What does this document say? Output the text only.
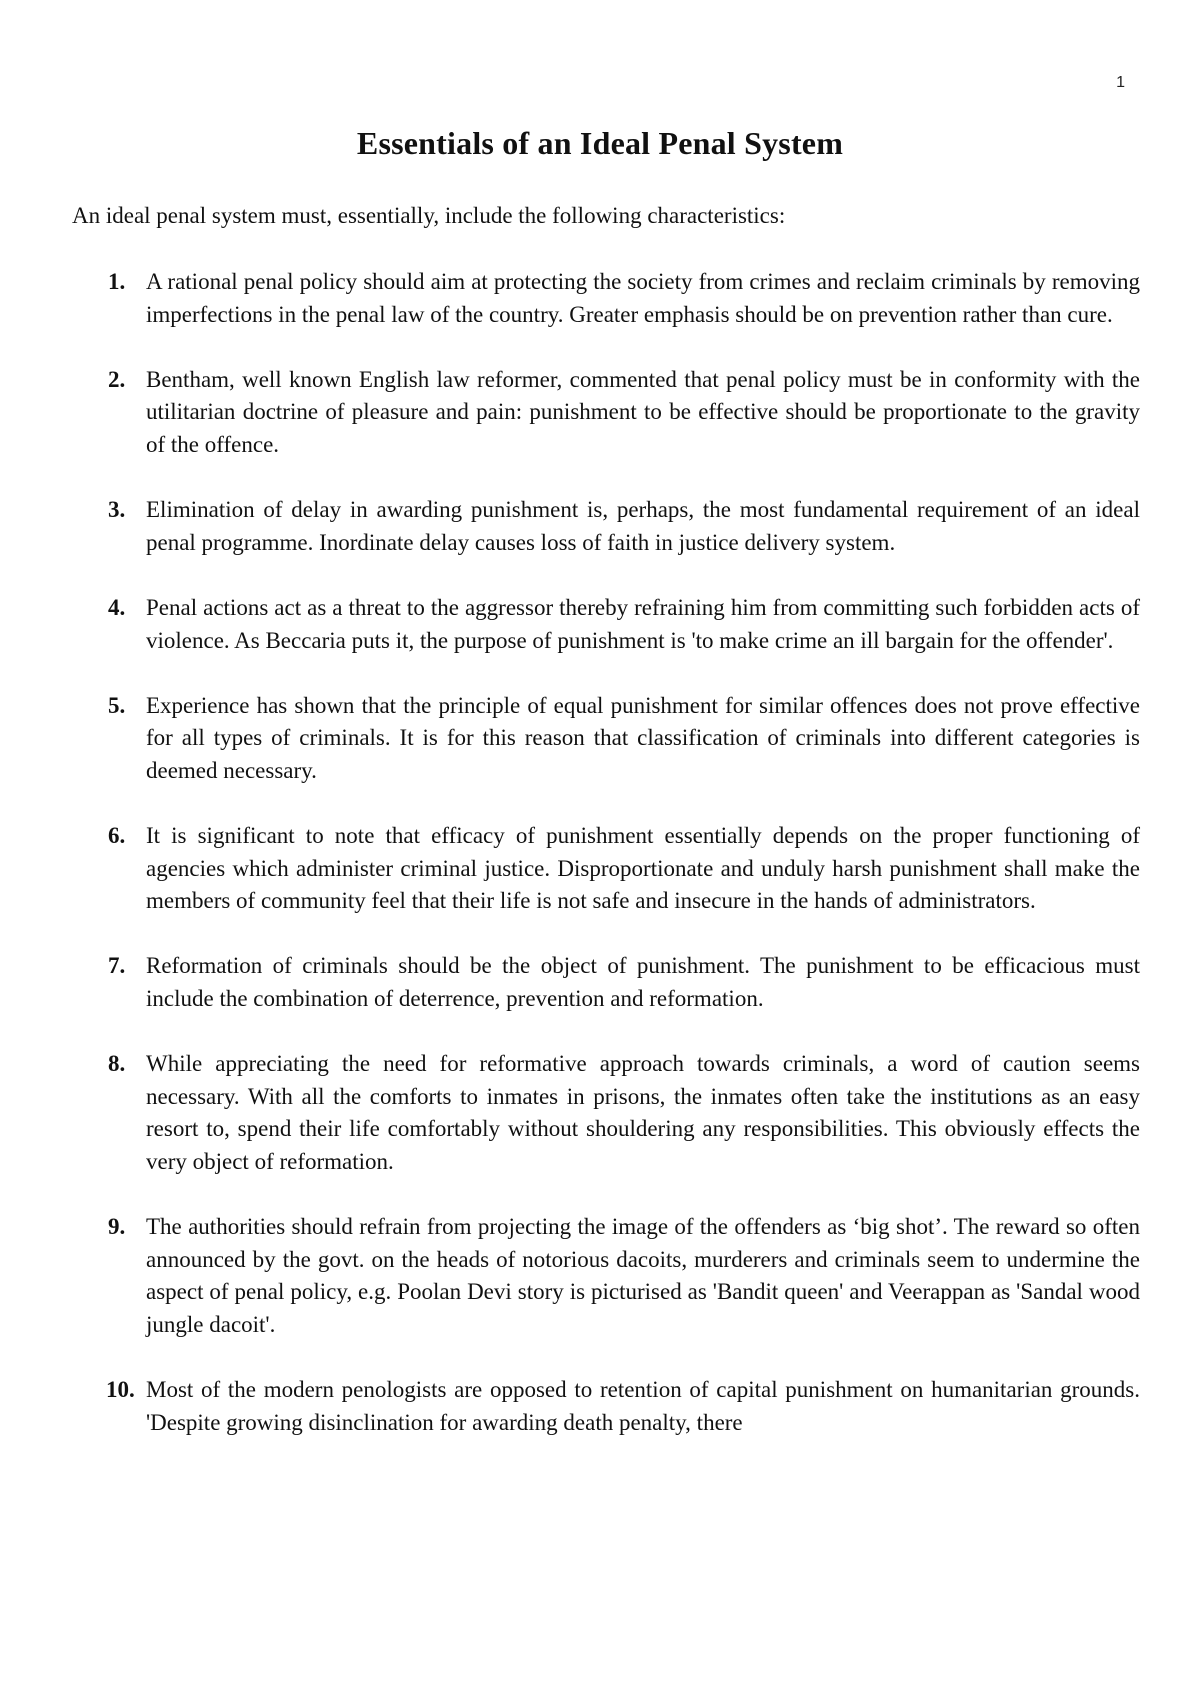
1
Essentials of an Ideal Penal System

An ideal penal system must, essentially, include the following characteristics:

1. A rational penal policy should aim at protecting the society from crimes and reclaim criminals by removing imperfections in the penal law of the country. Greater emphasis should be on prevention rather than cure.
2. Bentham, well known English law reformer, commented that penal policy must be in conformity with the utilitarian doctrine of pleasure and pain: punishment to be effective should be proportionate to the gravity of the offence.
3. Elimination of delay in awarding punishment is, perhaps, the most fundamental requirement of an ideal penal programme. Inordinate delay causes loss of faith in justice delivery system.
4. Penal actions act as a threat to the aggressor thereby refraining him from committing such forbidden acts of violence. As Beccaria puts it, the purpose of punishment is 'to make crime an ill bargain for the offender'.
5. Experience has shown that the principle of equal punishment for similar offences does not prove effective for all types of criminals. It is for this reason that classification of criminals into different categories is deemed necessary.
6. It is significant to note that efficacy of punishment essentially depends on the proper functioning of agencies which administer criminal justice. Disproportionate and unduly harsh punishment shall make the members of community feel that their life is not safe and insecure in the hands of administrators.
7. Reformation of criminals should be the object of punishment. The punishment to be efficacious must include the combination of deterrence, prevention and reformation.
8. While appreciating the need for reformative approach towards criminals, a word of caution seems necessary. With all the comforts to inmates in prisons, the inmates often take the institutions as an easy resort to, spend their life comfortably without shouldering any responsibilities. This obviously effects the very object of reformation.
9. The authorities should refrain from projecting the image of the offenders as ‘big shot’. The reward so often announced by the govt. on the heads of notorious dacoits, murderers and criminals seem to undermine the aspect of penal policy, e.g. Poolan Devi story is picturised as 'Bandit queen' and Veerappan as 'Sandal wood jungle dacoit'.
10. Most of the modern penologists are opposed to retention of capital punishment on humanitarian grounds. 'Despite growing disinclination for awarding death penalty, there
